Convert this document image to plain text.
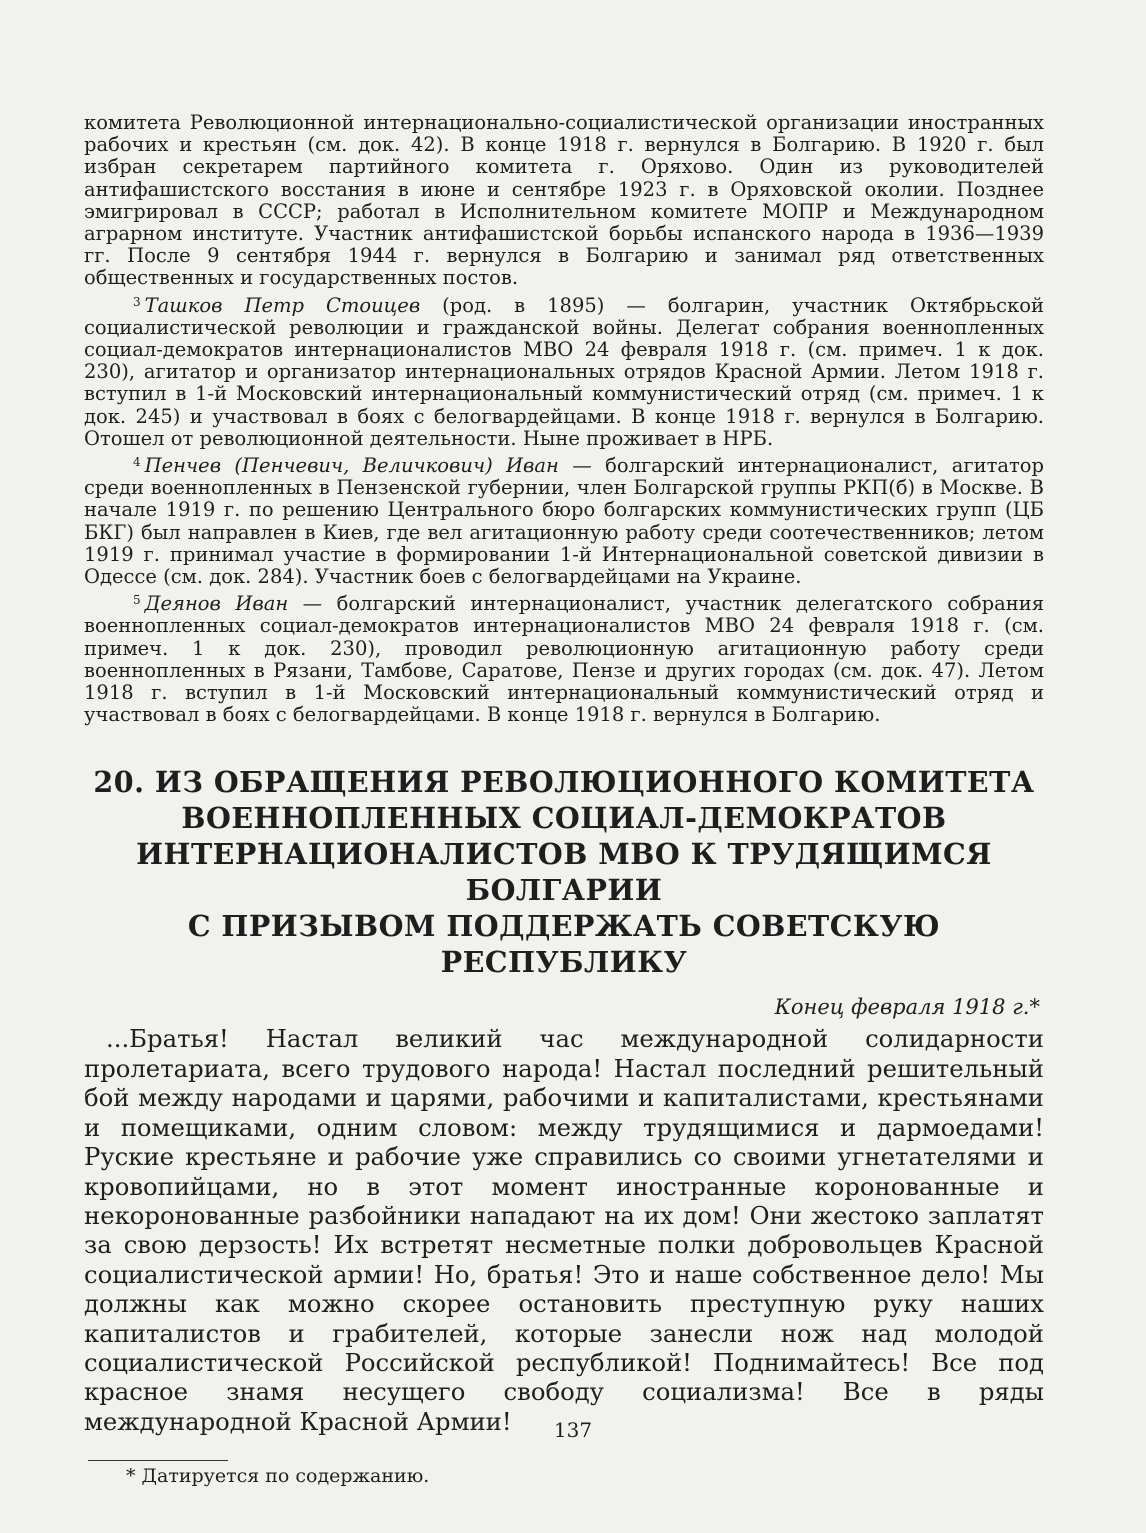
комитета Революционной интернационально-социалистической организации иностранных рабочих и крестьян (см. док. 42). В конце 1918 г. вернулся в Болгарию. В 1920 г. был избран секретарем партийного комитета г. Оряхово. Один из руководителей антифашистского восстания в июне и сентябре 1923 г. в Оряховской околии. Позднее эмигрировал в СССР; работал в Исполнительном комитете МОПР и Международном аграрном институте. Участник антифашистской борьбы испанского народа в 1936—1939 гг. После 9 сентября 1944 г. вернулся в Болгарию и занимал ряд ответственных общественных и государственных постов.

$^3$ Ташков Петр Стоицев (род. в 1895) — болгарин, участник Октябрьской социалистической революции и гражданской войны. Делегат собрания военнопленных социал-демократов интернационалистов МВО 24 февраля 1918 г. (см. примеч. 1 к док. 230), агитатор и организатор интернациональных отрядов Красной Армии. Летом 1918 г. вступил в 1-й Московский интернациональный коммунистический отряд (см. примеч. 1 к док. 245) и участвовал в боях с белогвардейцами. В конце 1918 г. вернулся в Болгарию. Отошел от революционной деятельности. Ныне проживает в НРБ.

$^4$ Пенчев (Пенчевич, Величкович) Иван — болгарский интернационалист, агитатор среди военнопленных в Пензенской губернии, член Болгарской группы РКП(б) в Москве. В начале 1919 г. по решению Центрального бюро болгарских коммунистических групп (ЦБ БКГ) был направлен в Киев, где вел агитационную работу среди соотечественников; летом 1919 г. принимал участие в формировании 1-й Интернациональной советской дивизии в Одессе (см. док. 284). Участник боев с белогвардейцами на Украине.

$^5$ Деянов Иван — болгарский интернационалист, участник делегатского собрания военнопленных социал-демократов интернационалистов МВО 24 февраля 1918 г. (см. примеч. 1 к док. 230), проводил революционную агитационную работу среди военнопленных в Рязани, Тамбове, Саратове, Пензе и других городах (см. док. 47). Летом 1918 г. вступил в 1-й Московский интернациональный коммунистический отряд и участвовал в боях с белогвардейцами. В конце 1918 г. вернулся в Болгарию.

20. ИЗ ОБРАЩЕНИЯ РЕВОЛЮЦИОННОГО КОМИТЕТА
ВОЕННОПЛЕННЫХ СОЦИАЛ-ДЕМОКРАТОВ
ИНТЕРНАЦИОНАЛИСТОВ МВО К ТРУДЯЩИМСЯ БОЛГАРИИ
С ПРИЗЫВОМ ПОДДЕРЖАТЬ СОВЕТСКУЮ РЕСПУБЛИКУ
Конец февраля 1918 г.*

...Братья! Настал великий час международной солидарности пролетариата, всего трудового народа! Настал последний решительный бой между народами и царями, рабочими и капиталистами, крестьянами и помещиками, одним словом: между трудящимися и дармоедами! Руские крестьяне и рабочие уже справились со своими угнетателями и кровопийцами, но в этот момент иностранные коронованные и некоронованные разбойники нападают на их дом! Они жестоко заплатят за свою дерзость! Их встретят несметные полки добровольцев Красной социалистической армии! Но, братья! Это и наше собственное дело! Мы должны как можно скорее остановить преступную руку наших капиталистов и грабителей, которые занесли нож над молодой социалистической Российской республикой! Поднимайтесь! Все под красное знамя несущего свободу социализма! Все в ряды международной Красной Армии!

* Датируется по содержанию.

137
